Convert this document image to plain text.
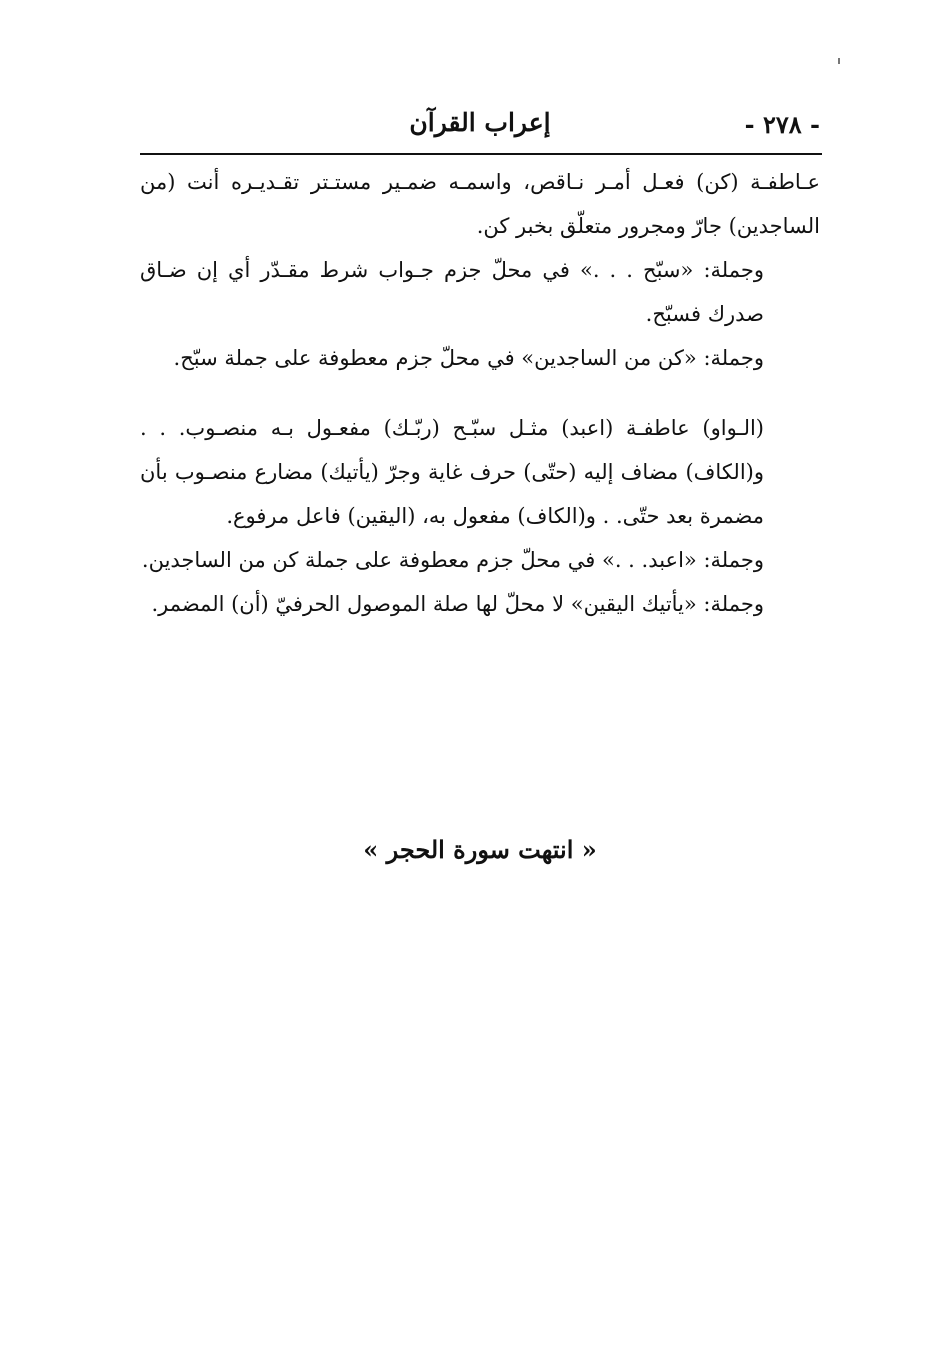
- ٢٧٨ -
إعراب القرآن

عـاطفـة (كن) فعـل أمـر نـاقص، واسمـه ضمـير مستـتر تقـديـره أنت (من الساجدين) جارّ ومجرور متعلّق بخبر كن.

وجملة: «سبّح . . .» في محلّ جزم جـواب شرط مقـدّر أي إن ضـاق صدرك فسبّح.

وجملة: «كن من الساجدين» في محلّ جزم معطوفة على جملة سبّح.

(الـواو) عاطفـة (اعبد) مثـل سبّـح (ربّـك) مفعـول بـه منصـوب. . . و(الكاف) مضاف إليه (حتّى) حرف غاية وجرّ (يأتيك) مضارع منصـوب بأن مضمرة بعد حتّى. . و(الكاف) مفعول به، (اليقين) فاعل مرفوع.

وجملة: «اعبد. . .» في محلّ جزم معطوفة على جملة كن من الساجدين.

وجملة: «يأتيك اليقين» لا محلّ لها صلة الموصول الحرفيّ (أن) المضمر.

« انتهت سورة الحجر »
